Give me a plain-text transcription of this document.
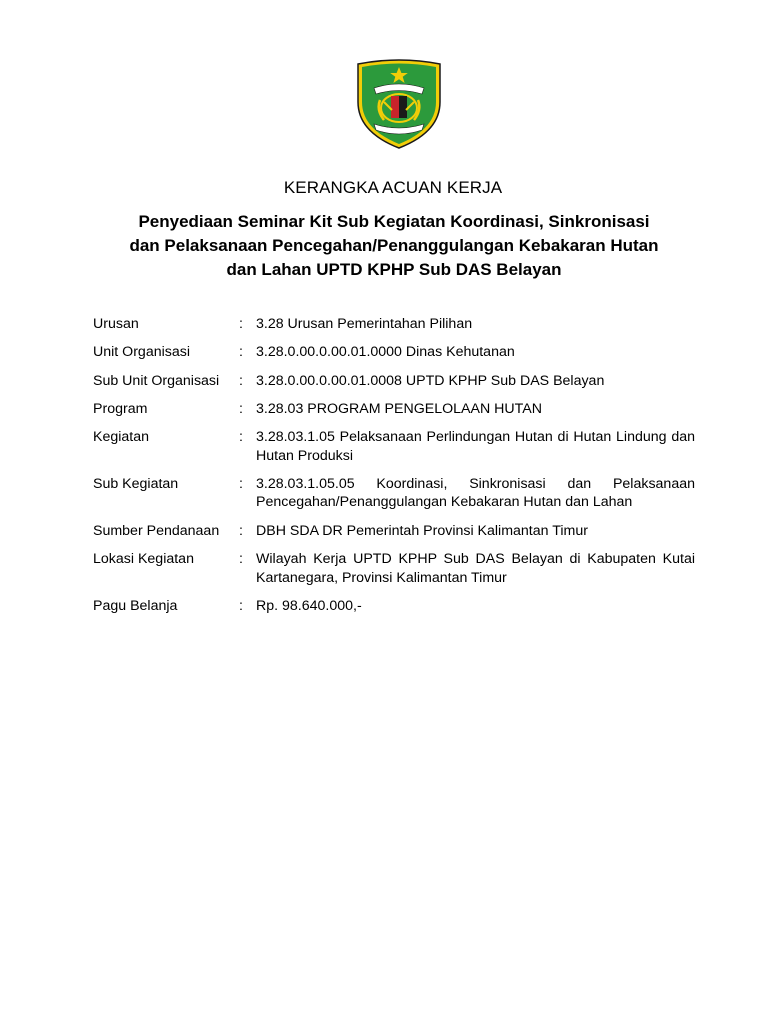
KERANGKA ACUAN KERJA
Penyediaan Seminar Kit Sub Kegiatan Koordinasi, Sinkronisasi
dan Pelaksanaan Pencegahan/Penanggulangan Kebakaran Hutan
dan Lahan UPTD KPHP Sub DAS Belayan
Urusan	:	3.28 Urusan Pemerintahan Pilihan
Unit Organisasi	:	3.28.0.00.0.00.01.0000 Dinas Kehutanan
Sub Unit Organisasi	:	3.28.0.00.0.00.01.0008 UPTD KPHP Sub DAS Belayan
Program	:	3.28.03 PROGRAM PENGELOLAAN HUTAN
Kegiatan	:	3.28.03.1.05 Pelaksanaan Perlindungan Hutan di Hutan Lindung dan Hutan Produksi
Sub Kegiatan	:	3.28.03.1.05.05 Koordinasi, Sinkronisasi dan Pelaksanaan Pencegahan/Penanggulangan Kebakaran Hutan dan Lahan
Sumber Pendanaan	:	DBH SDA DR Pemerintah Provinsi Kalimantan Timur
Lokasi Kegiatan	:	Wilayah Kerja UPTD KPHP Sub DAS Belayan di Kabupaten Kutai Kartanegara, Provinsi Kalimantan Timur
Pagu Belanja	:	Rp. 98.640.000,-
